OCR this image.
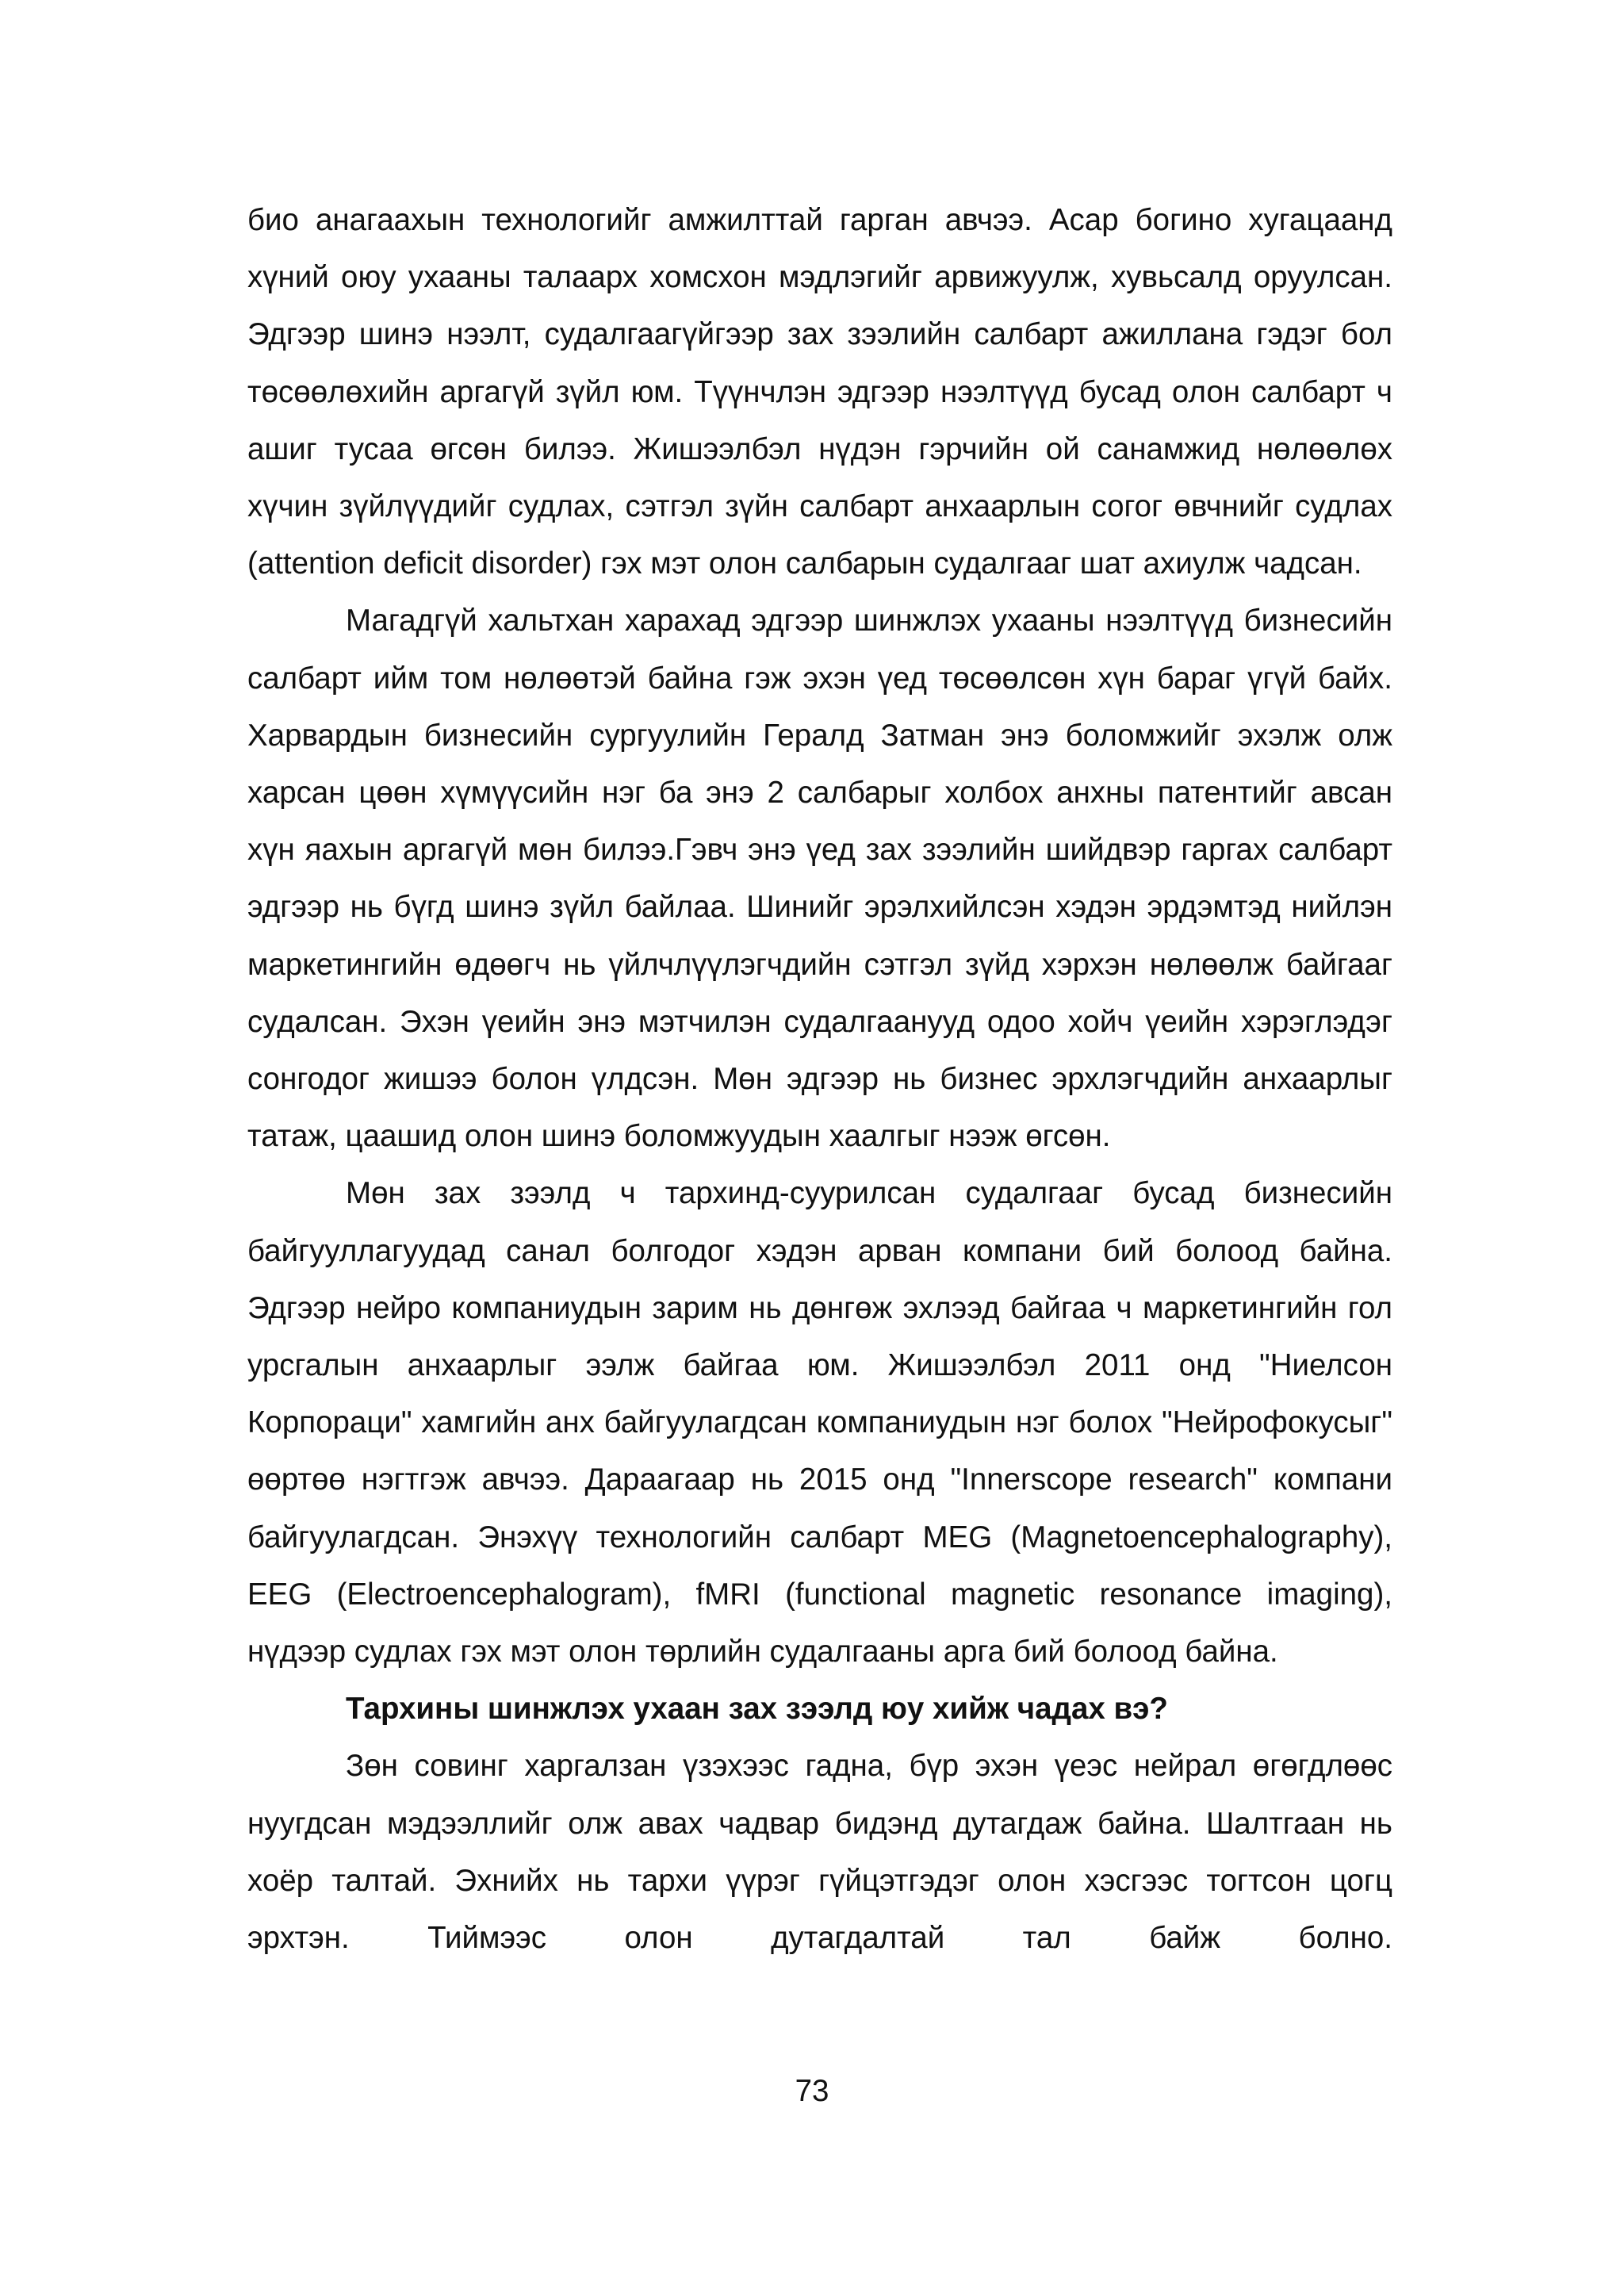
био анагаахын технологийг амжилттай гарган авчээ. Асар богино хугацаанд хүний оюу ухааны талаарх хомсхон мэдлэгийг арвижуулж, хувьсалд оруулсан. Эдгээр шинэ нээлт, судалгаагүйгээр зах зээлийн салбарт ажиллана гэдэг бол төсөөлөхийн аргагүй зүйл юм. Түүнчлэн эдгээр нээлтүүд бусад олон салбарт ч ашиг тусаа өгсөн билээ. Жишээлбэл нүдэн гэрчийн ой санамжид нөлөөлөх хүчин зүйлүүдийг судлах, сэтгэл зүйн салбарт анхаарлын согог өвчнийг судлах (attention deficit disorder) гэх мэт олон салбарын судалгааг шат ахиулж чадсан.

Магадгүй хальтхан харахад эдгээр шинжлэх ухааны нээлтүүд бизнесийн салбарт ийм том нөлөөтэй байна гэж эхэн үед төсөөлсөн хүн бараг үгүй байх. Харвардын бизнесийн сургуулийн Гералд Затман энэ боломжийг эхэлж олж харсан цөөн хүмүүсийн нэг ба энэ 2 салбарыг холбох анхны патентийг авсан хүн яахын аргагүй мөн билээ.Гэвч энэ үед зах зээлийн шийдвэр гаргах салбарт эдгээр нь бүгд шинэ зүйл байлаа. Шинийг эрэлхийлсэн хэдэн эрдэмтэд нийлэн маркетингийн өдөөгч нь үйлчлүүлэгчдийн сэтгэл зүйд хэрхэн нөлөөлж байгааг судалсан. Эхэн үеийн энэ мэтчилэн судалгаанууд одоо хойч үеийн хэрэглэдэг сонгодог жишээ болон үлдсэн. Мөн эдгээр нь бизнес эрхлэгчдийн анхаарлыг татаж, цаашид олон шинэ боломжуудын хаалгыг нээж өгсөн.

Мөн зах зээлд ч тархинд-суурилсан судалгааг бусад бизнесийн байгууллагуудад санал болгодог хэдэн арван компани бий болоод байна. Эдгээр нейро компаниудын зарим нь дөнгөж эхлээд байгаа ч маркетингийн гол урсгалын анхаарлыг ээлж байгаа юм. Жишээлбэл 2011 онд "Ниелсон Корпораци" хамгийн анх байгуулагдсан компаниудын нэг болох "Нейрофокусыг" өөртөө нэгтгэж авчээ. Дараагаар нь 2015 онд "Innerscope research" компани байгуулагдсан. Энэхүү технологийн салбарт MEG (Magnetoencephalography), EEG (Electroencephalogram), fMRI (functional magnetic resonance imaging), нүдээр судлах гэх мэт олон төрлийн судалгааны арга бий болоод байна.

Тархины шинжлэх ухаан зах зээлд юу хийж чадах вэ?

Зөн совинг харгалзан үзэхээс гадна, бүр эхэн үеэс нейрал өгөгдлөөс нуугдсан мэдээллийг олж авах чадвар бидэнд дутагдаж байна. Шалтгаан нь хоёр талтай. Эхнийх нь тархи үүрэг гүйцэтгэдэг олон хэсгээс тогтсон цогц эрхтэн. Тиймээс олон дутагдалтай тал байж болно.

73
